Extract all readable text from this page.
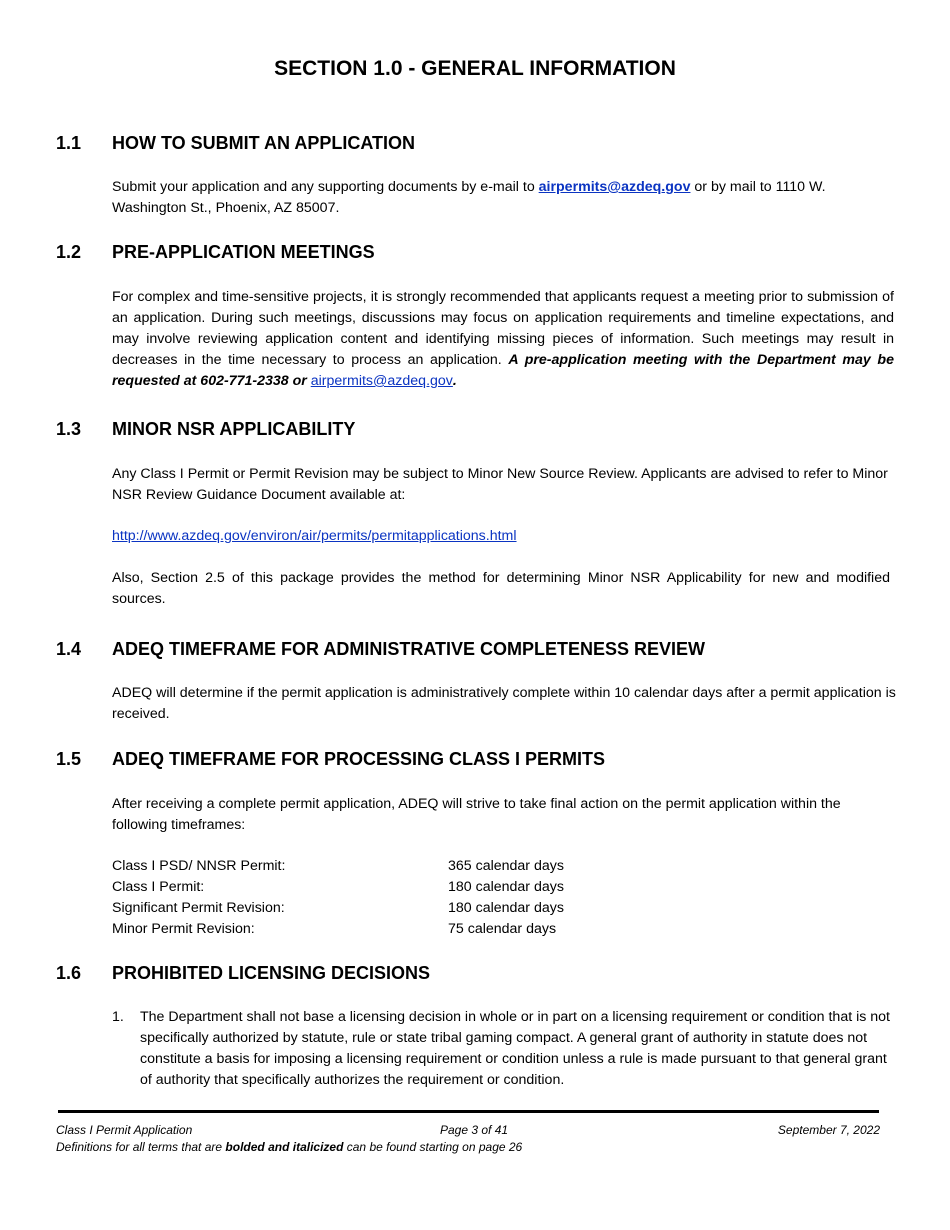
SECTION 1.0 - GENERAL INFORMATION
1.1 HOW TO SUBMIT AN APPLICATION

Submit your application and any supporting documents by e-mail to airpermits@azdeq.gov or by mail to 1110 W. Washington St., Phoenix, AZ 85007.

1.2 PRE-APPLICATION MEETINGS

For complex and time-sensitive projects, it is strongly recommended that applicants request a meeting prior to submission of an application. During such meetings, discussions may focus on application requirements and timeline expectations, and may involve reviewing application content and identifying missing pieces of information. Such meetings may result in decreases in the time necessary to process an application. A pre-application meeting with the Department may be requested at 602-771-2338 or airpermits@azdeq.gov.

1.3 MINOR NSR APPLICABILITY

Any Class I Permit or Permit Revision may be subject to Minor New Source Review. Applicants are advised to refer to Minor NSR Review Guidance Document available at:

http://www.azdeq.gov/environ/air/permits/permitapplications.html

Also, Section 2.5 of this package provides the method for determining Minor NSR Applicability for new and modified sources.

1.4 ADEQ TIMEFRAME FOR ADMINISTRATIVE COMPLETENESS REVIEW

ADEQ will determine if the permit application is administratively complete within 10 calendar days after a permit application is received.

1.5 ADEQ TIMEFRAME FOR PROCESSING CLASS I PERMITS

After receiving a complete permit application, ADEQ will strive to take final action on the permit application within the following timeframes:

Class I PSD/ NNSR Permit:	365 calendar days
Class I Permit:	180 calendar days
Significant Permit Revision:	180 calendar days
Minor Permit Revision:	75 calendar days
1.6 PROHIBITED LICENSING DECISIONS
1. The Department shall not base a licensing decision in whole or in part on a licensing requirement or condition that is not specifically authorized by statute, rule or state tribal gaming compact. A general grant of authority in statute does not constitute a basis for imposing a licensing requirement or condition unless a rule is made pursuant to that general grant of authority that specifically authorizes the requirement or condition.
Class I Permit Application	Page 3 of 41	September 7, 2022
Definitions for all terms that are bolded and italicized can be found starting on page 26
